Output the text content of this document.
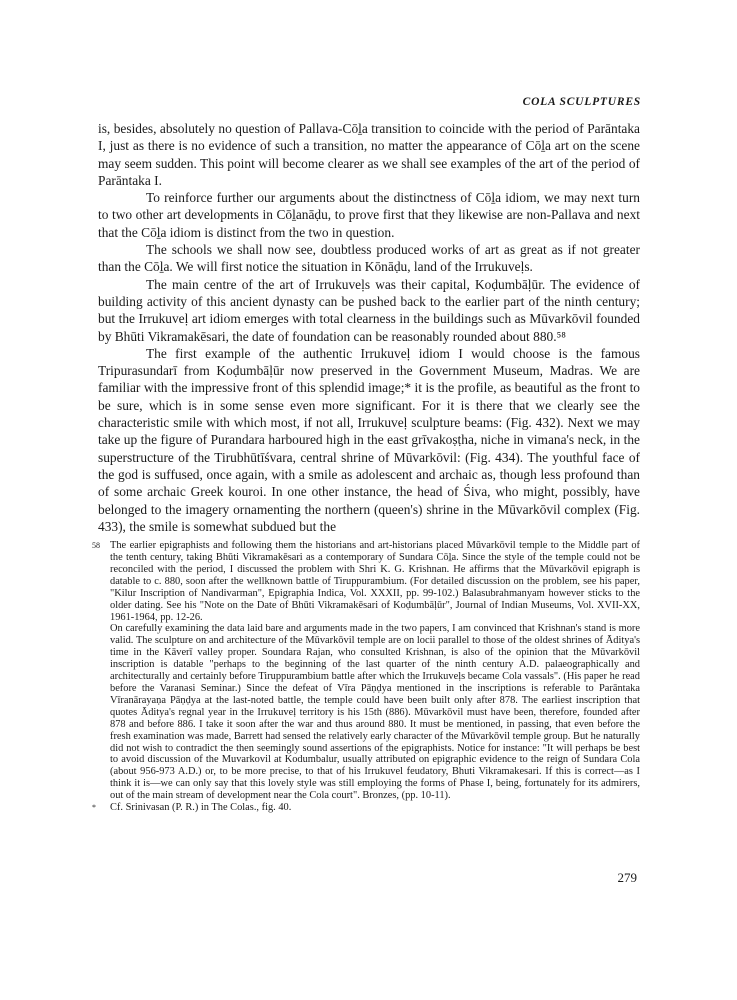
COLA SCULPTURES

is, besides, absolutely no question of Pallava-Cōḻa transition to coincide with the period of Parāntaka I, just as there is no evidence of such a transition, no matter the appearance of Cōḻa art on the scene may seem sudden. This point will become clearer as we shall see examples of the art of the period of Parāntaka I.

To reinforce further our arguments about the distinctness of Cōḻa idiom, we may next turn to two other art developments in Cōḻanāḍu, to prove first that they likewise are non-Pallava and next that the Cōḻa idiom is distinct from the two in question.

The schools we shall now see, doubtless produced works of art as great as if not greater than the Cōḻa. We will first notice the situation in Kōnāḍu, land of the Irrukuveḷs.

The main centre of the art of Irrukuveḷs was their capital, Koḍumbāḷūr. The evidence of building activity of this ancient dynasty can be pushed back to the earlier part of the ninth century; but the Irrukuveḷ art idiom emerges with total clearness in the buildings such as Mūvarkōvil founded by Bhūti Vikramakēsari, the date of foundation can be reasonably rounded about 880.⁵⁸

The first example of the authentic Irrukuveḷ idiom I would choose is the famous Tripurasundarī from Koḍumbāḷūr now preserved in the Government Museum, Madras. We are familiar with the impressive front of this splendid image;* it is the profile, as beautiful as the front to be sure, which is in some sense even more significant. For it is there that we clearly see the characteristic smile with which most, if not all, Irrukuveḷ sculpture beams: (Fig. 432). Next we may take up the figure of Purandara harboured high in the east grīvakoṣṭha, niche in vimana's neck, in the superstructure of the Tirubhūtīśvara, central shrine of Mūvarkōvil: (Fig. 434). The youthful face of the god is suffused, once again, with a smile as adolescent and archaic as, though less profound than of some archaic Greek kouroi. In one other instance, the head of Śiva, who might, possibly, have belonged to the imagery ornamenting the northern (queen's) shrine in the Mūvarkōvil complex (Fig. 433), the smile is somewhat subdued but the

58 The earlier epigraphists and following them the historians and art-historians placed Mūvarkōvil temple to the Middle part of the tenth century, taking Bhūti Vikramakēsari as a contemporary of Sundara Cōḻa. Since the style of the temple could not be reconciled with the period, I discussed the problem with Shri K. G. Krishnan. He affirms that the Mūvarkōvil epigraph is datable to c. 880, soon after the wellknown battle of Tiruppurambium. (For detailed discussion on the problem, see his paper, "Kilur Inscription of Nandivarman", Epigraphia Indica, Vol. XXXII, pp. 99-102.) Balasubrahmanyam however sticks to the older dating. See his "Note on the Date of Bhūti Vikramakēsari of Koḍumbāḷūr", Journal of Indian Museums, Vol. XVII-XX, 1961-1964, pp. 12-26.
On carefully examining the data laid bare and arguments made in the two papers, I am convinced that Krishnan's stand is more valid. The sculpture on and architecture of the Mūvarkōvil temple are on locii parallel to those of the oldest shrines of Āditya's time in the Kāverī valley proper. Soundara Rajan, who consulted Krishnan, is also of the opinion that the Mūvarkōvil inscription is datable "perhaps to the beginning of the last quarter of the ninth century A.D. palaeographically and architecturally and certainly before Tiruppurambium battle after which the Irrukuveḷs became Cola vassals". (His paper he read before the Varanasi Seminar.) Since the defeat of Vīra Pāṇḍya mentioned in the inscriptions is referable to Parāntaka Vīranārayaṇa Pāṇḍya at the last-noted battle, the temple could have been built only after 878. The earliest inscription that quotes Āditya's regnal year in the Irrukuveḷ territory is his 15th (886). Mūvarkōvil must have been, therefore, founded after 878 and before 886. I take it soon after the war and thus around 880. It must be mentioned, in passing, that even before the fresh examination was made, Barrett had sensed the relatively early character of the Mūvarkōvil temple group. But he naturally did not wish to contradict the then seemingly sound assertions of the epigraphists. Notice for instance: "It will perhaps be best to avoid discussion of the Muvarkovil at Kodumbalur, usually attributed on epigraphic evidence to the reign of Sundara Cola (about 956-973 A.D.) or, to be more precise, to that of his Irrukuvel feudatory, Bhuti Vikramakesari. If this is correct—as I think it is—we can only say that this lovely style was still employing the forms of Phase I, being, fortunately for its admirers, out of the main stream of development near the Cola court". Bronzes, (pp. 10-11).
* Cf. Srinivasan (P. R.) in The Colas., fig. 40.
279
